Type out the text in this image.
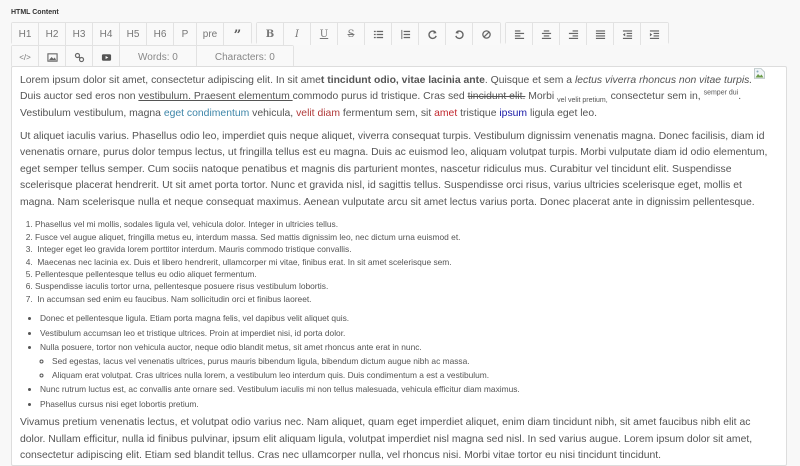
HTML Content
H1	H2	H3	H4	H5	H6	P	pre	” B I U S
</>	Words: 0	Characters: 0

Lorem ipsum dolor sit amet, consectetur adipiscing elit. In sit amet tincidunt odio, vitae lacinia ante. Quisque et sem a lectus viverra rhoncus non vitae turpis. Duis auctor sed eros non vestibulum. Praesent elementum commodo purus id tristique. Cras sed tincidunt elit. Morbi $_{vel velit pretium,}$ consectetur sem in, $^{semper dui}$. Vestibulum vestibulum, magna eget condimentum vehicula, velit diam fermentum sem, sit amet tristique ipsum ligula eget leo.

Ut aliquet iaculis varius. Phasellus odio leo, imperdiet quis neque aliquet, viverra consequat turpis. Vestibulum dignissim venenatis magna. Donec facilisis, diam id venenatis ornare, purus dolor tempus lectus, ut fringilla tellus est eu magna. Duis ac euismod leo, aliquam volutpat turpis. Morbi vulputate diam id odio elementum, eget semper tellus semper. Cum sociis natoque penatibus et magnis dis parturient montes, nascetur ridiculus mus. Curabitur vel tincidunt elit. Suspendisse scelerisque placerat hendrerit. Ut sit amet porta tortor. Nunc et gravida nisl, id sagittis tellus. Suspendisse orci risus, varius ultricies scelerisque eget, mollis et magna. Nam scelerisque nulla et neque consequat maximus. Aenean vulputate arcu sit amet lectus varius porta. Donec placerat ante in dignissim pellentesque.

1. Phasellus vel mi mollis, sodales ligula vel, vehicula dolor. Integer in ultricies tellus.
2. Fusce vel augue aliquet, fringilla metus eu, interdum massa. Sed mattis dignissim leo, nec dictum urna euismod et.
3.  Integer eget leo gravida lorem porttitor interdum. Mauris commodo tristique convallis.
4.  Maecenas nec lacinia ex. Duis et libero hendrerit, ullamcorper mi vitae, finibus erat. In sit amet scelerisque sem.
5. Pellentesque pellentesque tellus eu odio aliquet fermentum.
6. Suspendisse iaculis tortor urna, pellentesque posuere risus vestibulum lobortis.
7.  In accumsan sed enim eu faucibus. Nam sollicitudin orci et finibus laoreet.
• Donec et pellentesque ligula. Etiam porta magna felis, vel dapibus velit aliquet quis.
• Vestibulum accumsan leo et tristique ultrices. Proin at imperdiet nisi, id porta dolor.
• Nulla posuere, tortor non vehicula auctor, neque odio blandit metus, sit amet rhoncus ante erat in nunc.
◦ Sed egestas, lacus vel venenatis ultrices, purus mauris bibendum ligula, bibendum dictum augue nibh ac massa.
◦ Aliquam erat volutpat. Cras ultrices nulla lorem, a vestibulum leo interdum quis. Duis condimentum a est a vestibulum.
• Nunc rutrum luctus est, ac convallis ante ornare sed. Vestibulum iaculis mi non tellus malesuada, vehicula efficitur diam maximus.
• Phasellus cursus nisi eget lobortis pretium.

Vivamus pretium venenatis lectus, et volutpat odio varius nec. Nam aliquet, quam eget imperdiet aliquet, enim diam tincidunt nibh, sit amet faucibus nibh elit ac dolor. Nullam efficitur, nulla id finibus pulvinar, ipsum elit aliquam ligula, volutpat imperdiet nisl magna sed nisl. In sed varius augue. Lorem ipsum dolor sit amet, consectetur adipiscing elit. Etiam sed blandit tellus. Cras nec ullamcorper nulla, vel rhoncus nisi. Morbi vitae tortor eu nisi tincidunt tincidunt.
